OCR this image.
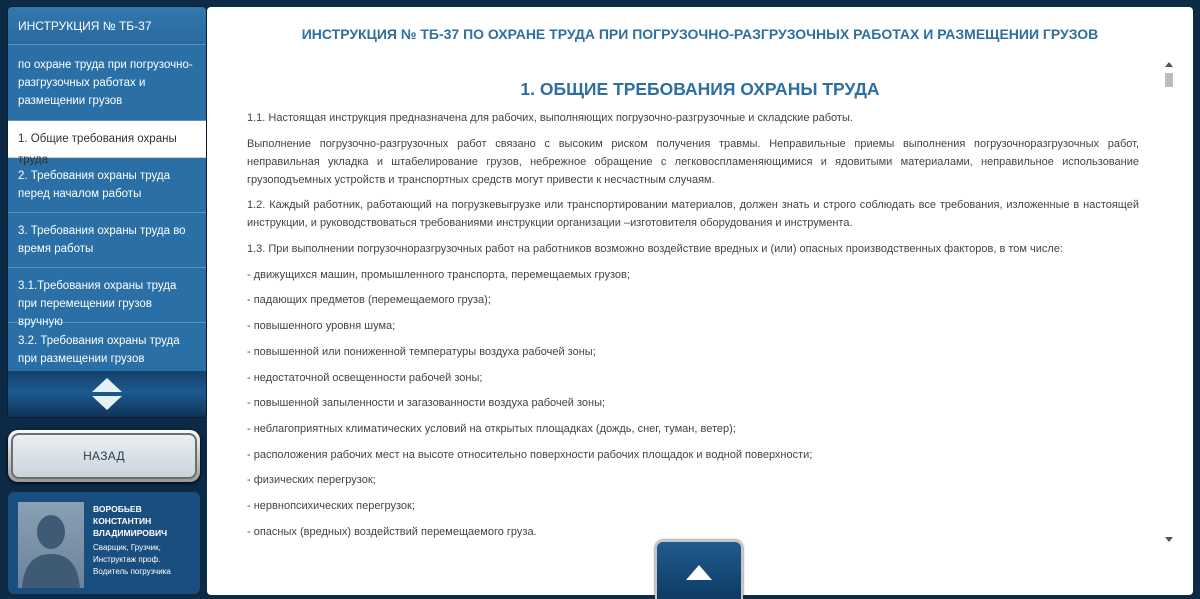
ИНСТРУКЦИЯ № ТБ-37
по охране труда при погрузочно-разгрузочных работах и размещении грузов
1. Общие требования охраны труда
2. Требования охраны труда перед началом работы
3. Требования охраны труда во время работы
3.1.Требования охраны труда при перемещении грузов вручную
3.2. Требования охраны труда при размещении грузов
НАЗАД
ВОРОБЬЕВ КОНСТАНТИН ВЛАДИМИРОВИЧ
Сварщик, Грузчик, Инструктаж проф. Водитель погрузчика
ИНСТРУКЦИЯ № ТБ-37 ПО ОХРАНЕ ТРУДА ПРИ ПОГРУЗОЧНО-РАЗГРУЗОЧНЫХ РАБОТАХ И РАЗМЕЩЕНИИ ГРУЗОВ
1. ОБЩИЕ ТРЕБОВАНИЯ ОХРАНЫ ТРУДА

1.1. Настоящая инструкция предназначена для рабочих, выполняющих погрузочно-разгрузочные и складские работы.

Выполнение погрузочно-разгрузочных работ связано с высоким риском получения травмы. Неправильные приемы выполнения погрузочноразгрузочных работ, неправильная укладка и штабелирование грузов, небрежное обращение с легковоспламеняющимися и ядовитыми материалами, неправильное использование грузоподъемных устройств и транспортных средств могут привести к несчастным случаям.

1.2. Каждый работник, работающий на погрузкевыгрузке или транспортировании материалов, должен знать и строго соблюдать все требования, изложенные в настоящей инструкции, и руководствоваться требованиями инструкции организации –изготовителя оборудования и инструмента.

1.3. При выполнении погрузочноразгрузочных работ на работников возможно воздействие вредных и (или) опасных производственных факторов, в том числе:

- движущихся машин, промышленного транспорта, перемещаемых грузов;

- падающих предметов (перемещаемого груза);

- повышенного уровня шума;

- повышенной или пониженной температуры воздуха рабочей зоны;

- недостаточной освещенности рабочей зоны;

- повышенной запыленности и загазованности воздуха рабочей зоны;

- неблагоприятных климатических условий на открытых площадках (дождь, снег, туман, ветер);

- расположения рабочих мест на высоте относительно поверхности рабочих площадок и водной поверхности;

- физических перегрузок;

- нервнопсихических перегрузок;

- опасных (вредных) воздействий перемещаемого груза.
